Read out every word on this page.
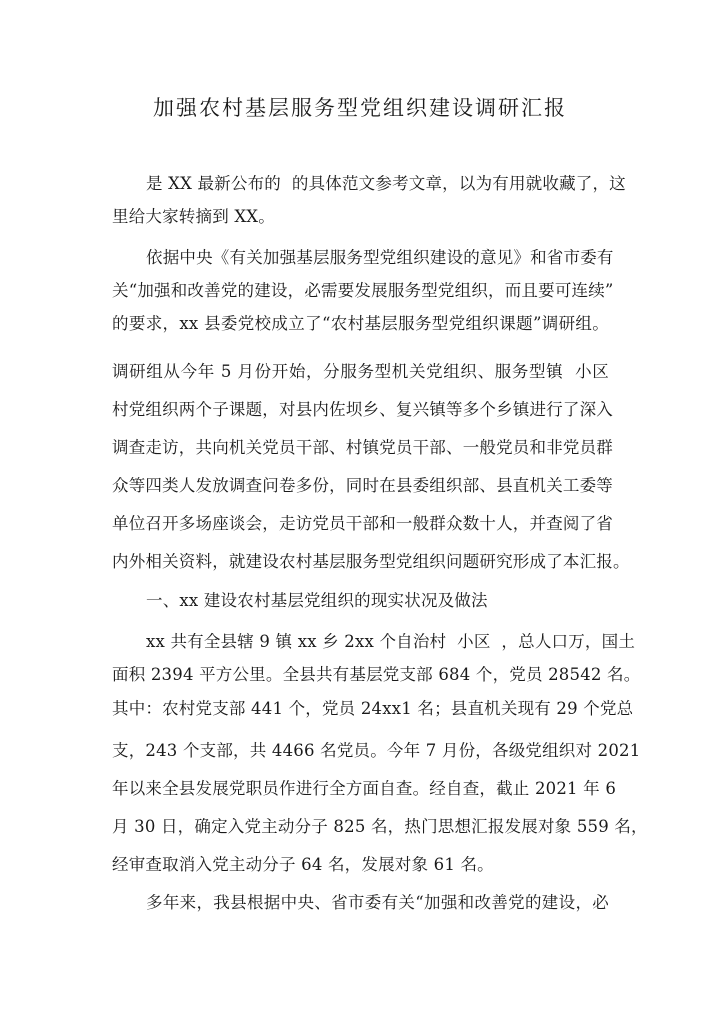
加强农村基层服务型党组织建设调研汇报
是 XX 最新公布的  的具体范文参考文章，以为有用就收藏了，这
里给大家转摘到 XX。
依据中央《有关加强基层服务型党组织建设的意见》和省市委有
关“加强和改善党的建设，必需要发展服务型党组织，而且要可连续”
的要求，xx 县委党校成立了“农村基层服务型党组织课题”调研组。
调研组从今年 5 月份开始，分服务型机关党组织、服务型镇  小区
村党组织两个子课题，对县内佐坝乡、复兴镇等多个乡镇进行了深入
调查走访，共向机关党员干部、村镇党员干部、一般党员和非党员群
众等四类人发放调查问卷多份，同时在县委组织部、县直机关工委等
单位召开多场座谈会，走访党员干部和一般群众数十人，并查阅了省
内外相关资料，就建设农村基层服务型党组织问题研究形成了本汇报。
一、xx 建设农村基层党组织的现实状况及做法
xx 共有全县辖 9 镇 xx 乡 2xx 个自治村  小区  ，总人口万，国土
面积 2394 平方公里。全县共有基层党支部 684 个，党员 28542 名。
其中：农村党支部 441 个，党员 24xx1 名；县直机关现有 29 个党总
支，243 个支部，共 4466 名党员。今年 7 月份，各级党组织对 2021
年以来全县发展党职员作进行全方面自查。经自查，截止 2021 年 6
月 30 日，确定入党主动分子 825 名，热门思想汇报发展对象 559 名，
经审查取消入党主动分子 64 名，发展对象 61 名。
多年来，我县根据中央、省市委有关“加强和改善党的建设，必
